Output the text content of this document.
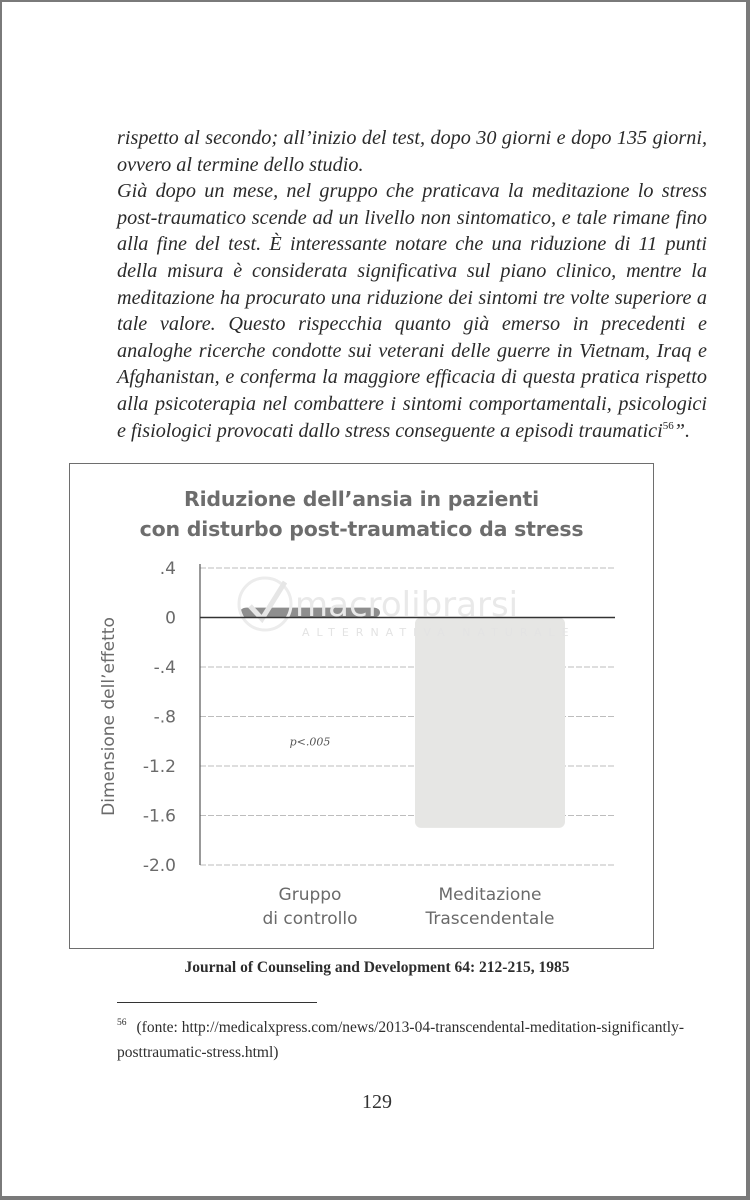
rispetto al secondo; all’inizio del test, dopo 30 giorni e dopo 135 giorni, ovvero al termine dello studio.

Già dopo un mese, nel gruppo che praticava la meditazione lo stress post-traumatico scende ad un livello non sintomatico, e tale rimane fino alla fine del test. È interessante notare che una riduzione di 11 punti della misura è considerata significativa sul piano clinico, mentre la meditazione ha procurato una riduzione dei sintomi tre volte superiore a tale valore. Questo rispecchia quanto già emerso in precedenti e analoghe ricerche condotte sui veterani delle guerre in Vietnam, Iraq e Afghanistan, e conferma la maggiore efficacia di questa pratica rispetto alla psicoterapia nel combattere i sintomi comportamentali, psicologici e fisiologici provocati dallo stress conseguente a episodi traumatici$^{56}$”.

Riduzione dell’ansia in pazienti
con disturbo post-traumatico da stress
macrolibrarsi
ALTERNATIVA NATURALE
Dimensione dell’effetto	p<.005
.4
0
-.4
-.8
-1.2
-1.6
-2.0
Gruppo
di controllo
Meditazione
Trascendentale
Journal of Counseling and Development 64: 212-215, 1985
$^{56}$ (fonte: http://medicalxpress.com/news/2013-04-transcendental-meditation-significantly-posttraumatic-stress.html)
129
